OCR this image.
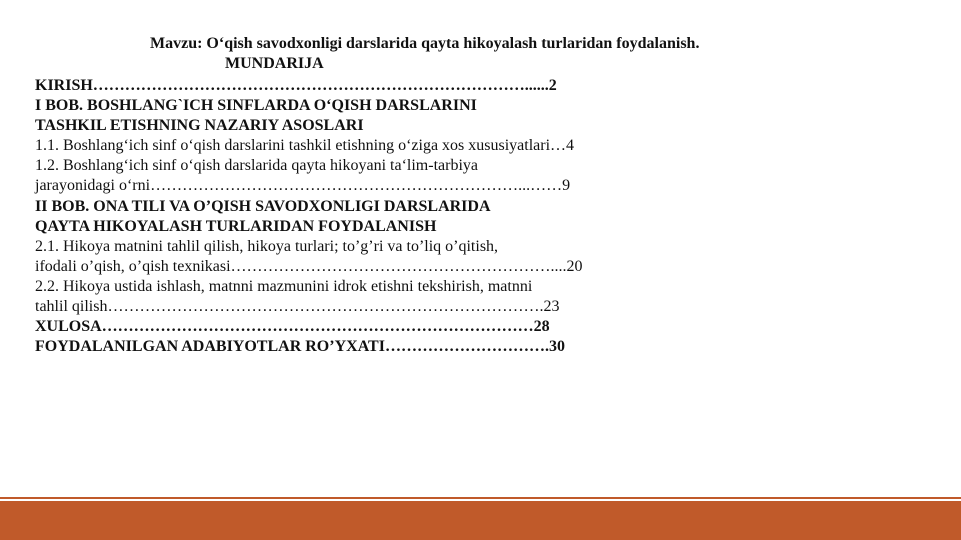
Mavzu: O‘qish savodxonligi darslarida qayta hikoyalash turlaridan foydalanish.
MUNDARIJA
KIRISH………………………………………………………………………......2
I BOB. BOSHLANG`ICH SINFLARDA O‘QISH DARSLARINI
TASHKIL ETISHNING NAZARIY ASOSLARI
1.1. Boshlang‘ich sinf o‘qish darslarini tashkil etishning o‘ziga xos xususiyatlari…4
1.2. Boshlang‘ich sinf o‘qish darslarida qayta hikoyani ta‘lim-tarbiya
jarayonidagi o‘rni……………………………………………………………...……9
II BOB. ONA TILI VA O’QISH SAVODXONLIGI DARSLARIDA
QAYTA HIKOYALASH TURLARIDAN FOYDALANISH
2.1. Hikoya matnini tahlil qilish, hikoya turlari; to’g’ri va to’liq o’qitish,
ifodali o’qish, o’qish texnikasi……………………………………………………....20
2.2. Hikoya ustida ishlash, matnni mazmunini idrok etishni tekshirish, matnni
tahlil qilish……………………………………………………………………….23
XULOSA………………………………………………………………………28
FOYDALANILGAN ADABIYOTLAR RO’YXATI………………………….30
